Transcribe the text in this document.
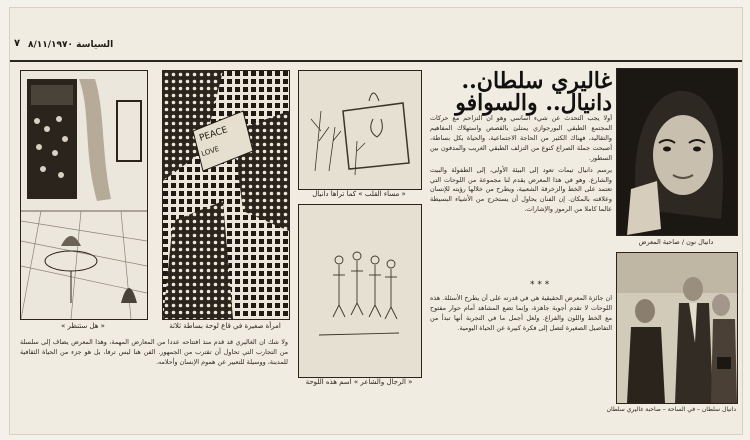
٧ السياسة ٨/١١/١٩٧٠
« هل ستنظر »
PEACE
LOVE
امرأة صغيرة في قاع لوحة بساطة ثلاثة
« مساء القلب » كما تراها دانيال
« الرجال والشاعر » اسم هذه اللوحة
غاليري سلطان.. دانيال.. والسوافو
دانيال نون / صاحبة المعرض
دانيال سلطان – في الساحة – صاحبة غاليري سلطان

أولا يجب التحدث عن شيء أساسي وهو ان التزاحم مع حركات المجتمع الطبقي البورجوازي يمتلئ بالقصص واستهلاك المفاهيم والتقاليد، فهناك الكثير من الحاجة الاجتماعية، والحياة بكل بساطة، أصبحت جملة الصراع كنوع من التزلف الطبقي الغريب والمدفون بين السطور.

يرسم دانيال تيمات تعود إلى البيئة الأولى، إلى الطفولة والبيت والشارع. وهو في هذا المعرض يقدم لنا مجموعة من اللوحات التي تعتمد على الخط والزخرفة الشعبية، ويطرح من خلالها رؤيته للإنسان وعلاقته بالمكان. إن الفنان يحاول أن يستخرج من الأشياء البسيطة عالما كاملا من الرموز والإشارات.

* * *

ان جائزة المعرض الحقيقية هي في قدرته على أن يطرح الأسئلة. هذه اللوحات لا تقدم أجوبة جاهزة، وإنما تضع المشاهد أمام حوار مفتوح مع الخط واللون والفراغ. ولعل أجمل ما في التجربة أنها تبدأ من التفاصيل الصغيرة لتصل إلى فكرة كبيرة عن الحياة اليومية.

ولا شك ان الغاليري قد قدم منذ افتتاحه عددا من المعارض المهمة، وهذا المعرض يضاف إلى سلسلة من التجارب التي تحاول أن تقترب من الجمهور. الفن هنا ليس ترفا، بل هو جزء من الحياة الثقافية للمدينة، ووسيلة للتعبير عن هموم الإنسان وأحلامه.
